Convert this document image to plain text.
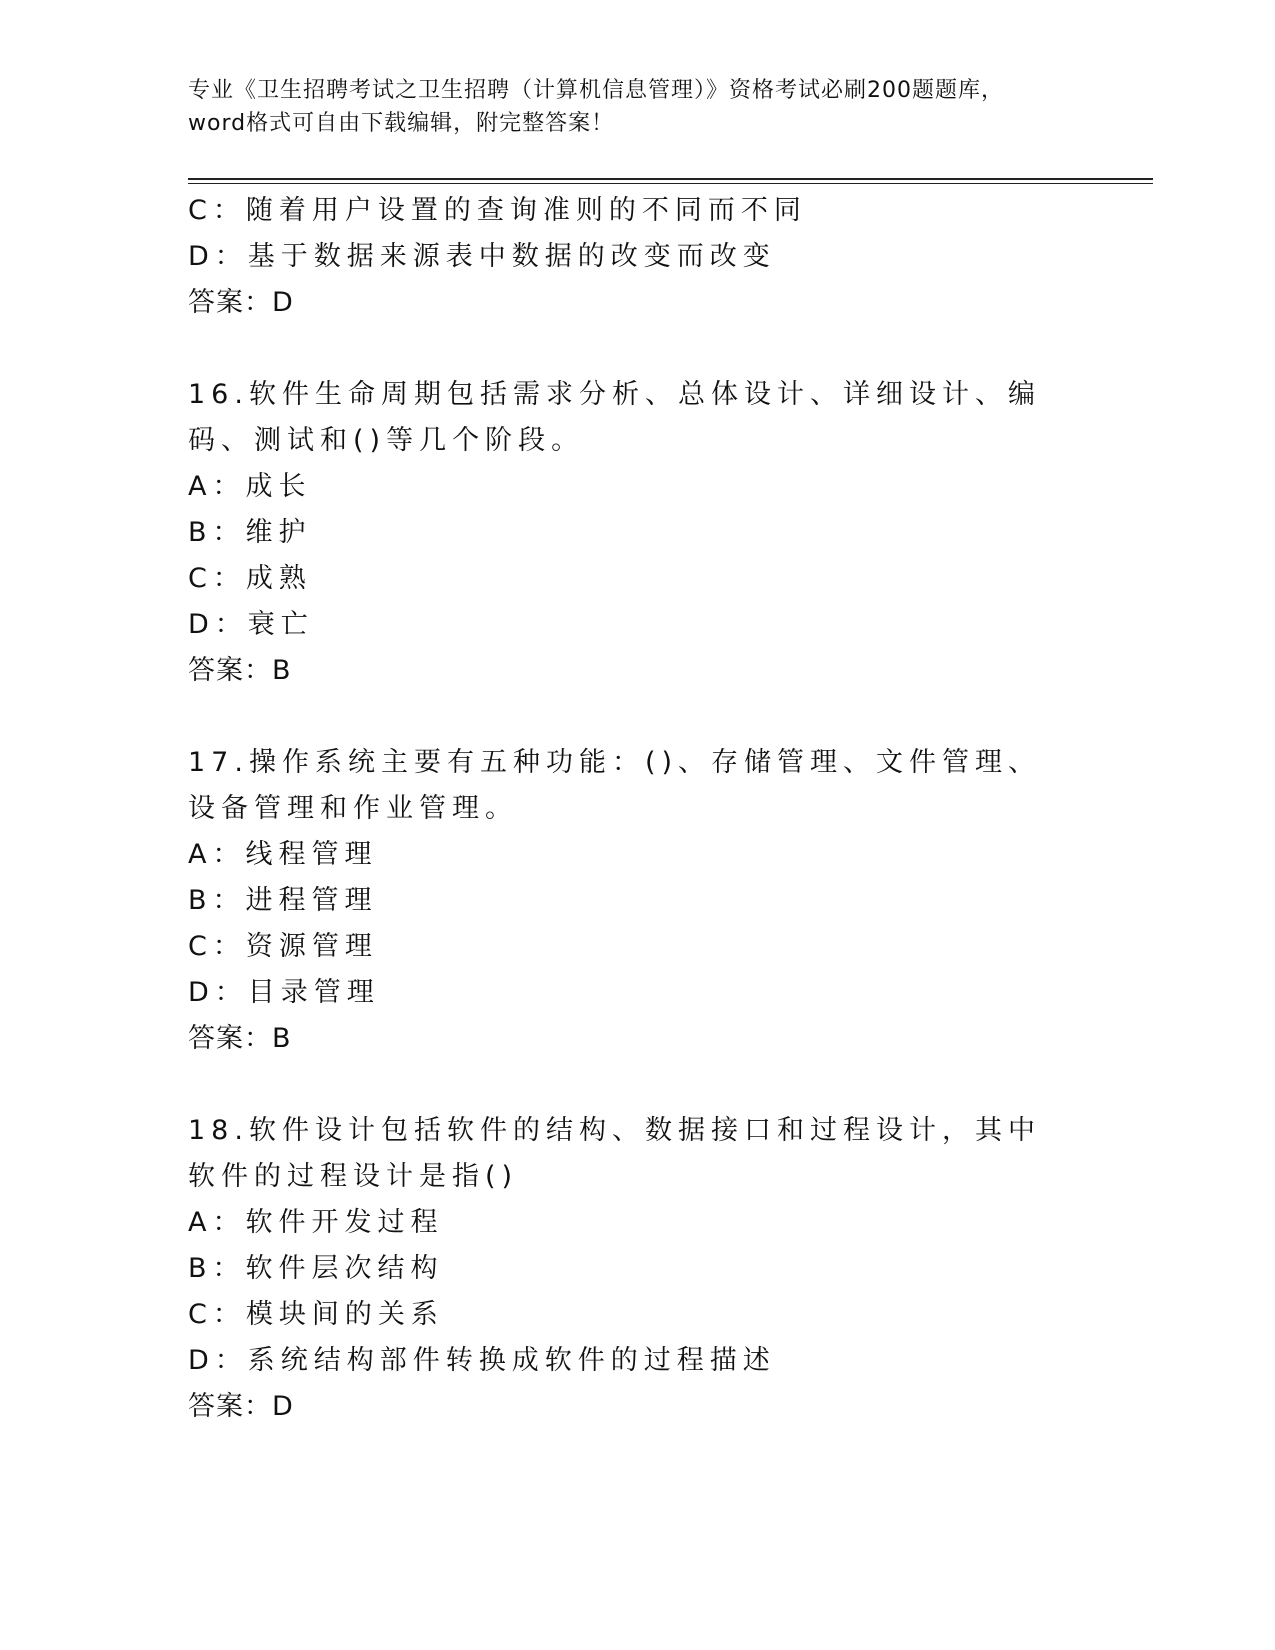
专业《卫生招聘考试之卫生招聘（计算机信息管理）》资格考试必刷200题题库，
word格式可自由下载编辑，附完整答案！
C：随着用户设置的查询准则的不同而不同
D：基于数据来源表中数据的改变而改变
答案：D
16.软件生命周期包括需求分析、总体设计、详细设计、编码、测试和()等几个阶段。
A：成长
B：维护
C：成熟
D：衰亡
答案：B
17.操作系统主要有五种功能：()、存储管理、文件管理、设备管理和作业管理。
A：线程管理
B：进程管理
C：资源管理
D：目录管理
答案：B
18.软件设计包括软件的结构、数据接口和过程设计，其中软件的过程设计是指()
A：软件开发过程
B：软件层次结构
C：模块间的关系
D：系统结构部件转换成软件的过程描述
答案：D
